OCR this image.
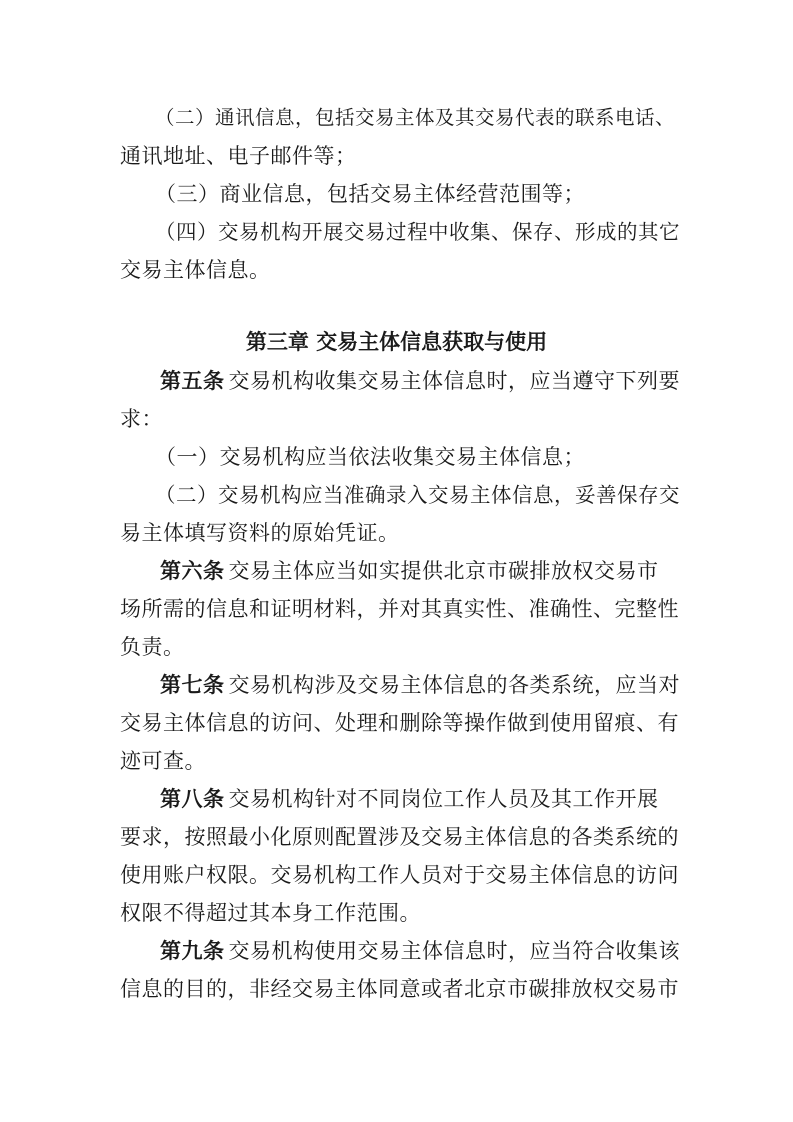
（二）通讯信息，包括交易主体及其交易代表的联系电话、
通讯地址、电子邮件等；
（三）商业信息，包括交易主体经营范围等；
（四）交易机构开展交易过程中收集、保存、形成的其它
交易主体信息。
第三章 交易主体信息获取与使用
第五条 交易机构收集交易主体信息时，应当遵守下列要
求：
（一）交易机构应当依法收集交易主体信息；
（二）交易机构应当准确录入交易主体信息，妥善保存交
易主体填写资料的原始凭证。
第六条 交易主体应当如实提供北京市碳排放权交易市
场所需的信息和证明材料，并对其真实性、准确性、完整性
负责。
第七条 交易机构涉及交易主体信息的各类系统，应当对
交易主体信息的访问、处理和删除等操作做到使用留痕、有
迹可查。
第八条 交易机构针对不同岗位工作人员及其工作开展
要求，按照最小化原则配置涉及交易主体信息的各类系统的
使用账户权限。交易机构工作人员对于交易主体信息的访问
权限不得超过其本身工作范围。
第九条 交易机构使用交易主体信息时，应当符合收集该
信息的目的，非经交易主体同意或者北京市碳排放权交易市
